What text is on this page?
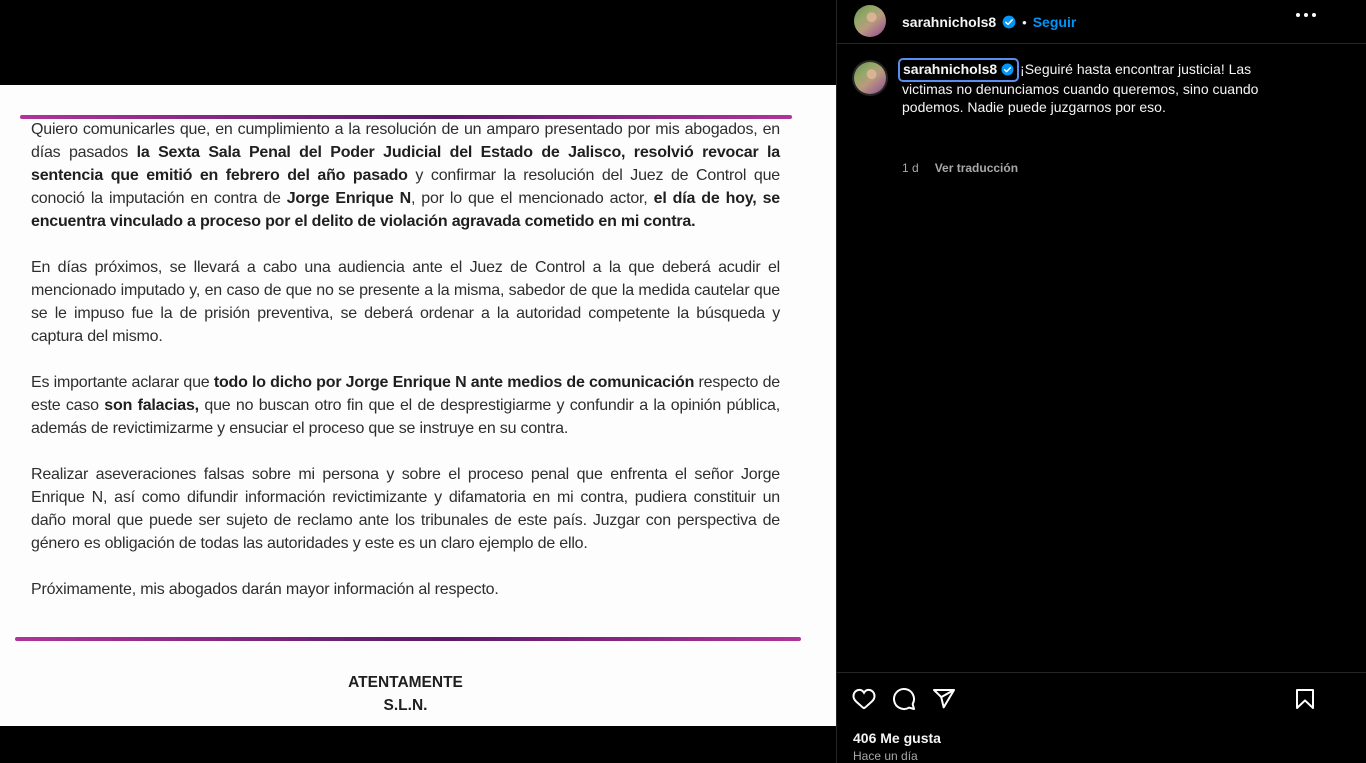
Quiero comunicarles que, en cumplimiento a la resolución de un amparo presentado por mis abogados, en días pasados la Sexta Sala Penal del Poder Judicial del Estado de Jalisco, resolvió revocar la sentencia que emitió en febrero del año pasado y confirmar la resolución del Juez de Control que conoció la imputación en contra de Jorge Enrique N, por lo que el mencionado actor, el día de hoy, se encuentra vinculado a proceso por el delito de violación agravada cometido en mi contra.

En días próximos, se llevará a cabo una audiencia ante el Juez de Control a la que deberá acudir el mencionado imputado y, en caso de que no se presente a la misma, sabedor de que la medida cautelar que se le impuso fue la de prisión preventiva, se deberá ordenar a la autoridad competente la búsqueda y captura del mismo.

Es importante aclarar que todo lo dicho por Jorge Enrique N ante medios de comunicación respecto de este caso son falacias, que no buscan otro fin que el de desprestigiarme y confundir a la opinión pública, además de revictimizarme y ensuciar el proceso que se instruye en su contra.

Realizar aseveraciones falsas sobre mi persona y sobre el proceso penal que enfrenta el señor Jorge Enrique N, así como difundir información revictimizante y difamatoria en mi contra, pudiera constituir un daño moral que puede ser sujeto de reclamo ante los tribunales de este país. Juzgar con perspectiva de género es obligación de todas las autoridades y este es un claro ejemplo de ello.

Próximamente, mis abogados darán mayor información al respecto.

ATENTAMENTE
S.L.N.
sarahnichols8 • Seguir
sarahnichols8 ¡Seguiré hasta encontrar justicia! Las victimas no denunciamos cuando queremos, sino cuando podemos. Nadie puede juzgarnos por eso.
1 d Ver traducción
406 Me gusta
Hace un día
